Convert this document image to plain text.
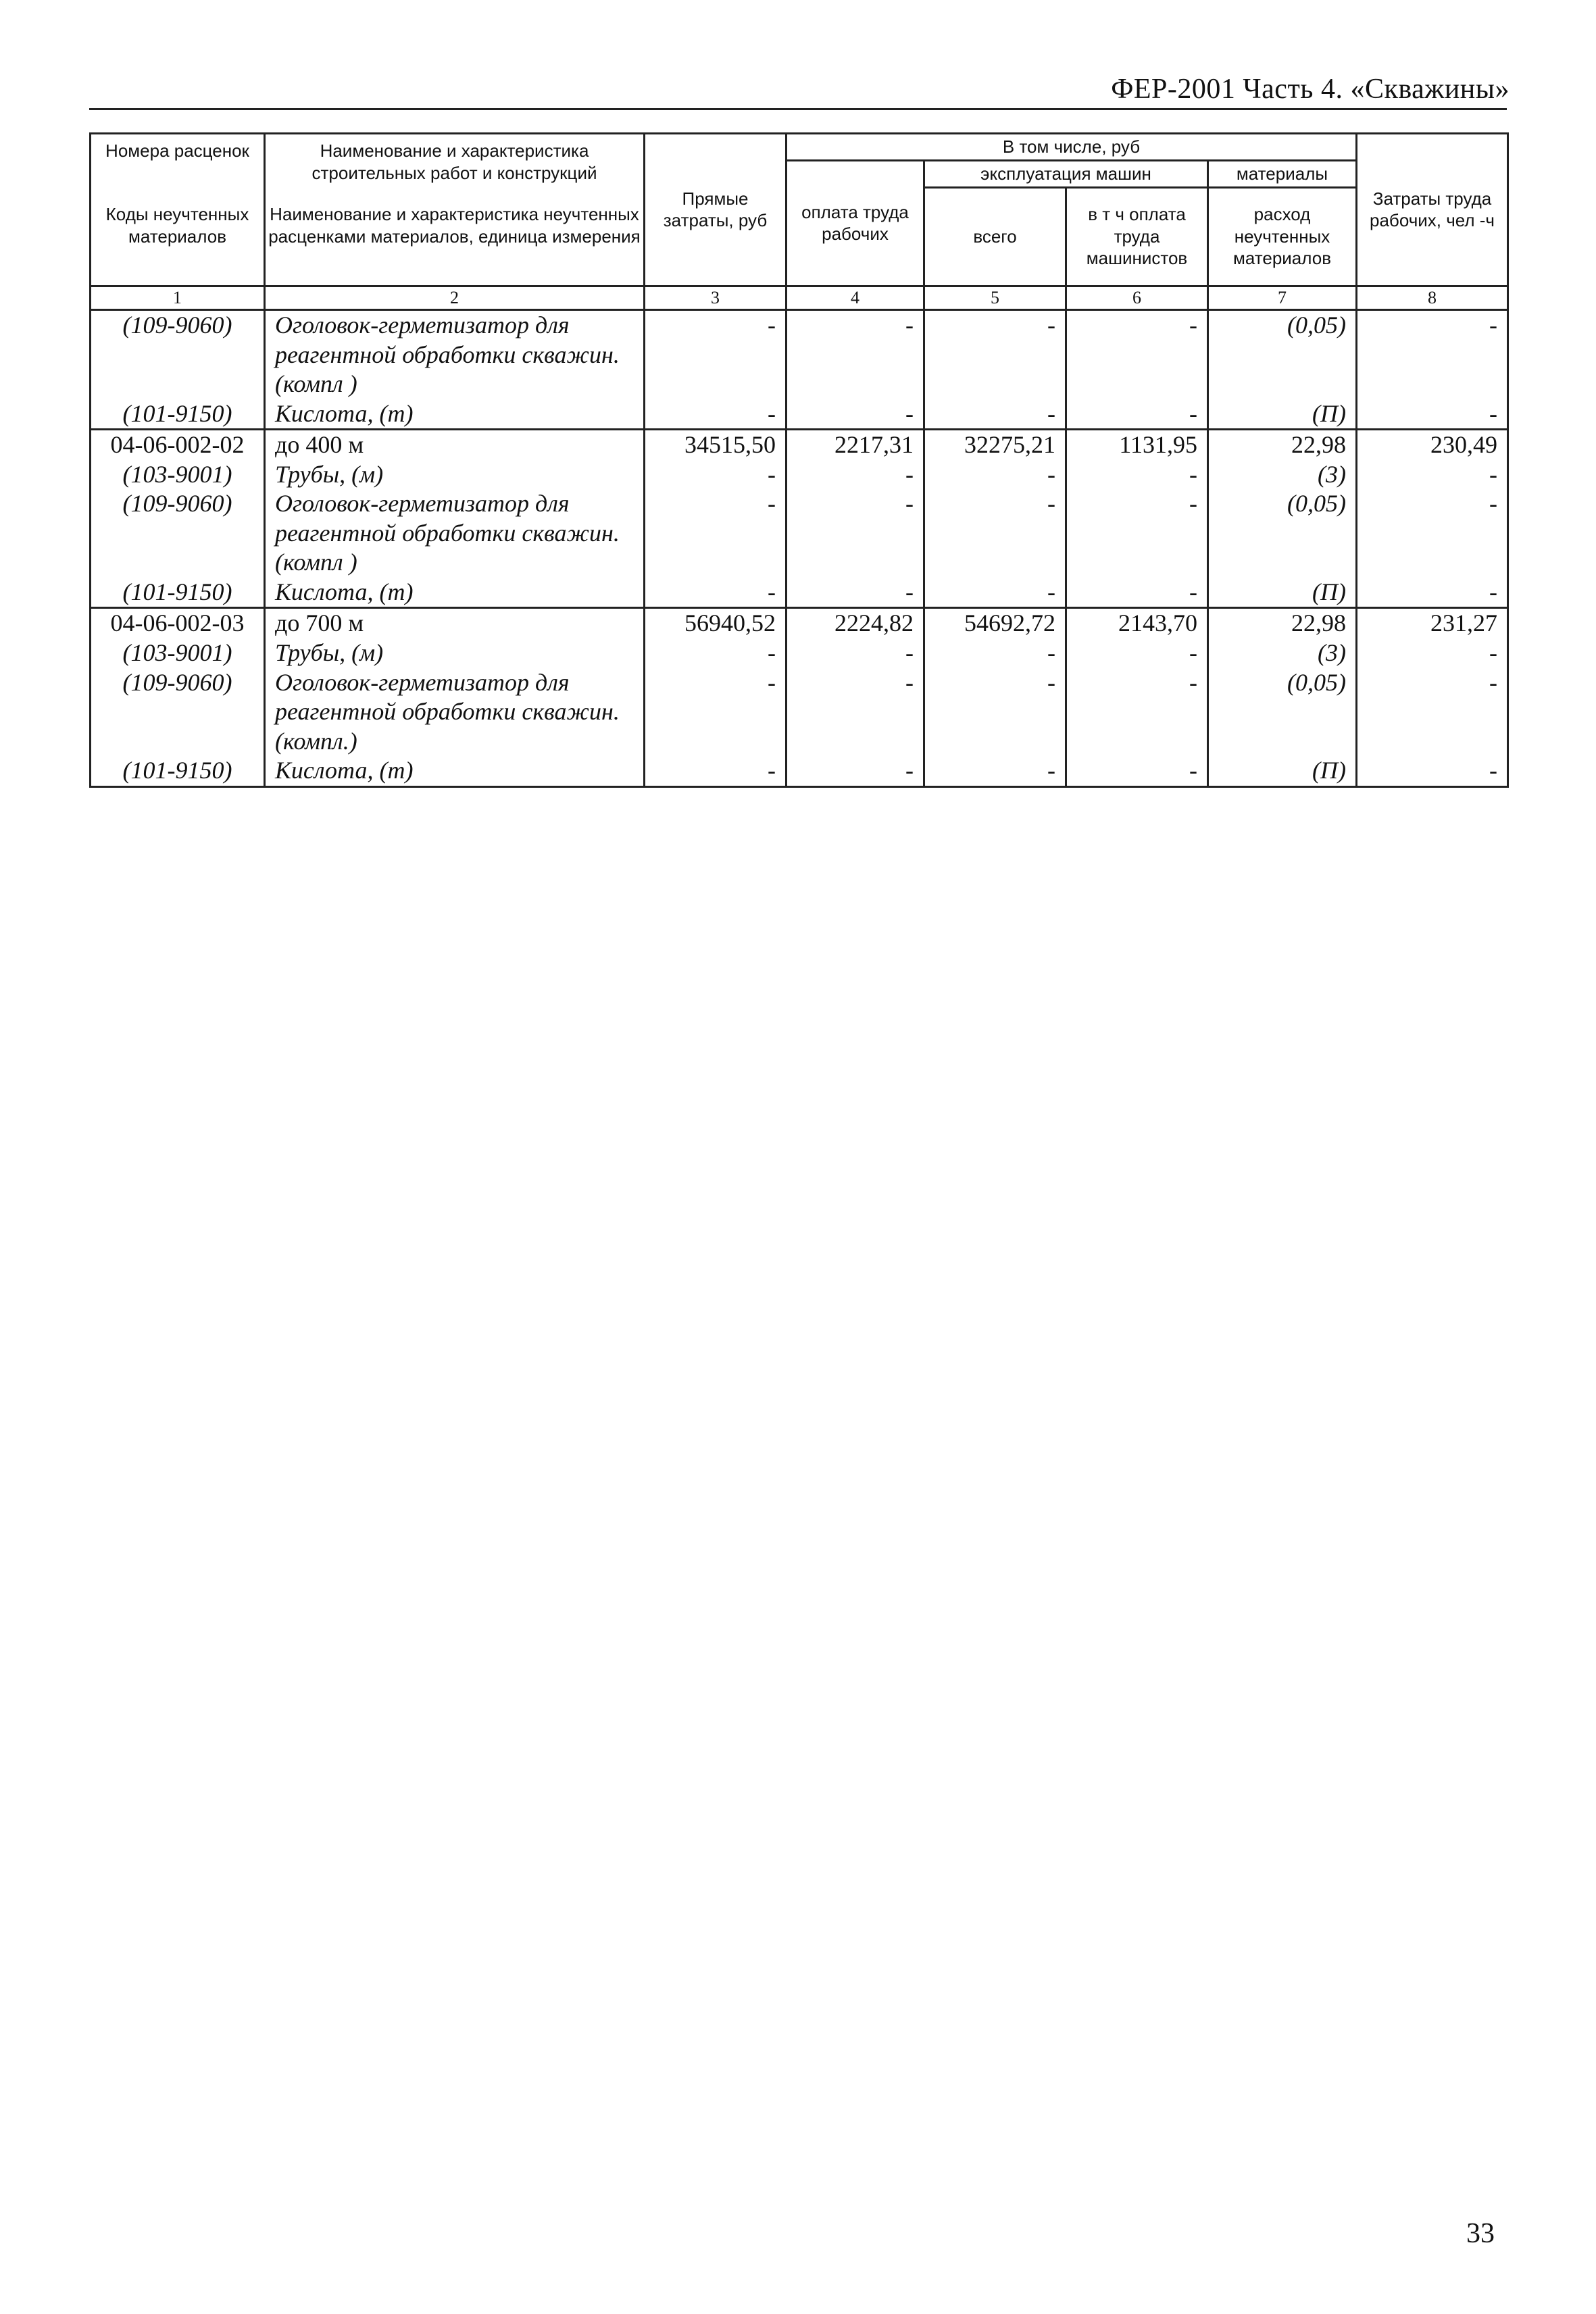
ФЕР-2001 Часть 4. «Скважины»
Номера расценок	Наименование и характеристика строительных работ и конструкций	Прямые затраты, руб	В том числе, руб				Затраты труда рабочих, чел -ч
			оплата труда рабочих	эксплуатация машин		материалы	
Коды неучтенных материалов	Наименование и характеристика неучтенных расценками материалов, единица измерения			всего	в т ч оплата труда машинистов	расход неучтенных материалов	

1	2	3	4	5	6	7	8
(109-9060)	Оголовок-герметизатор для реагентной обработки скважин. (компл )	-	-	-	-	(0,05)	-
(101-9150)	Кислота, (т)	-	-	-	-	(П)	-
04-06-002-02	до 400 м	34515,50	2217,31	32275,21	1131,95	22,98	230,49
(103-9001)	Трубы, (м)	-	-	-	-	(3)	-
(109-9060)	Оголовок-герметизатор для реагентной обработки скважин. (компл )	-	-	-	-	(0,05)	-
(101-9150)	Кислота, (т)	-	-	-	-	(П)	-
04-06-002-03	до 700 м	56940,52	2224,82	54692,72	2143,70	22,98	231,27
(103-9001)	Трубы, (м)	-	-	-	-	(3)	-
(109-9060)	Оголовок-герметизатор для реагентной обработки скважин. (компл.)	-	-	-	-	(0,05)	-
(101-9150)	Кислота, (т)	-	-	-	-	(П)	-
33
